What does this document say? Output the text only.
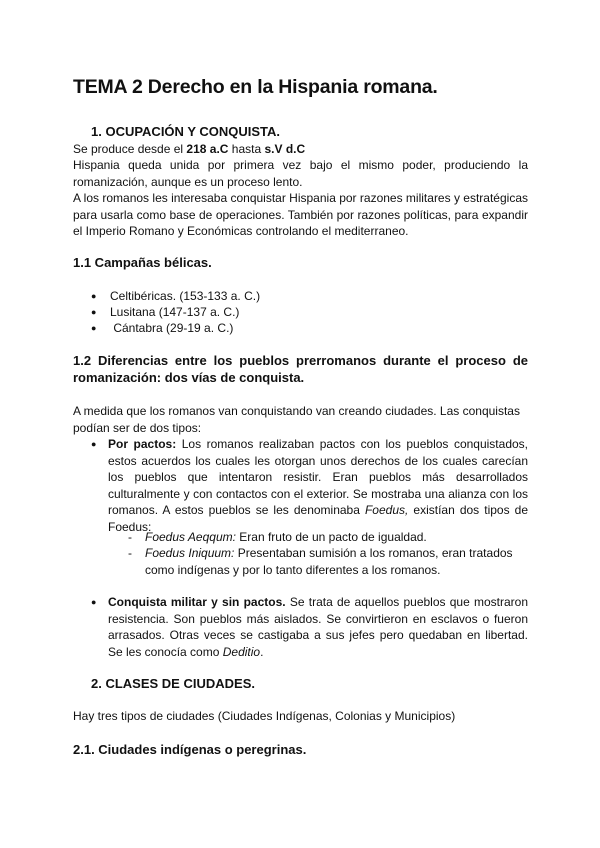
TEMA 2 Derecho en la Hispania romana.
1. OCUPACIÓN Y CONQUISTA.
Se produce desde el 218 a.C hasta s.V d.C
Hispania queda unida por primera vez bajo el mismo poder, produciendo la romanización, aunque es un proceso lento.
A los romanos les interesaba conquistar Hispania por razones militares y estratégicas para usarla como base de operaciones. También por razones políticas, para expandir el Imperio Romano y Económicas controlando el mediterraneo.
1.1 Campañas bélicas.
● Celtibéricas. (153-133 a. C.)
● Lusitana (147-137 a. C.)
● Cántabra (29-19 a. C.)
1.2 Diferencias entre los pueblos prerromanos durante el proceso de romanización: dos vías de conquista.
A medida que los romanos van conquistando van creando ciudades. Las conquistas podían ser de dos tipos:
● Por pactos: Los romanos realizaban pactos con los pueblos conquistados, estos acuerdos los cuales les otorgan unos derechos de los cuales carecían los pueblos que intentaron resistir. Eran pueblos más desarrollados culturalmente y con contactos con el exterior. Se mostraba una alianza con los romanos. A estos pueblos se les denominaba Foedus, existían dos tipos de Foedus:
- Foedus Aeqqum: Eran fruto de un pacto de igualdad.
- Foedus Iniquum: Presentaban sumisión a los romanos, eran tratados como indígenas y por lo tanto diferentes a los romanos.
● Conquista militar y sin pactos. Se trata de aquellos pueblos que mostraron resistencia. Son pueblos más aislados. Se convirtieron en esclavos o fueron arrasados. Otras veces se castigaba a sus jefes pero quedaban en libertad. Se les conocía como Deditio.
2. CLASES DE CIUDADES.
Hay tres tipos de ciudades (Ciudades Indígenas, Colonias y Municipios)
2.1. Ciudades indígenas o peregrinas.
